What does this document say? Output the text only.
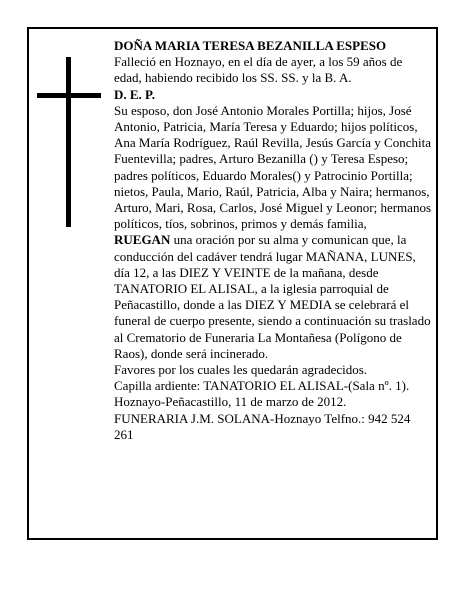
DOÑA MARIA TERESA BEZANILLA ESPESO

Falleció en Hoznayo, en el día de ayer, a los 59 años de edad, habiendo recibido los SS. SS. y la B. A.

D. E. P.

Su esposo, don José Antonio Morales Portilla; hijos, José Antonio, Patricia, María Teresa y Eduardo; hijos políticos, Ana María Rodríguez, Raúl Revilla, Jesús García y Conchita Fuentevilla; padres, Arturo Bezanilla () y Teresa Espeso; padres políticos, Eduardo Morales() y Patrocinio Portilla; nietos, Paula, Mario, Raúl, Patricia, Alba y Naira; hermanos, Arturo, Mari, Rosa, Carlos, José Miguel y Leonor; hermanos políticos, tíos, sobrinos, primos y demás familia,

RUEGAN una oración por su alma y comunican que, la conducción del cadáver tendrá lugar MAÑANA, LUNES, día 12, a las DIEZ Y VEINTE de la mañana, desde TANATORIO EL ALISAL, a la iglesia parroquial de Peñacastillo, donde a las DIEZ Y MEDIA se celebrará el funeral de cuerpo presente, siendo a continuación su traslado al Crematorio de Funeraria La Montañesa (Polígono de Raos), donde será incinerado.

Favores por los cuales les quedarán agradecidos.

Capilla ardiente: TANATORIO EL ALISAL-(Sala nº. 1).

Hoznayo-Peñacastillo, 11 de marzo de 2012.

FUNERARIA J.M. SOLANA-Hoznayo Telfno.: 942 524 261
